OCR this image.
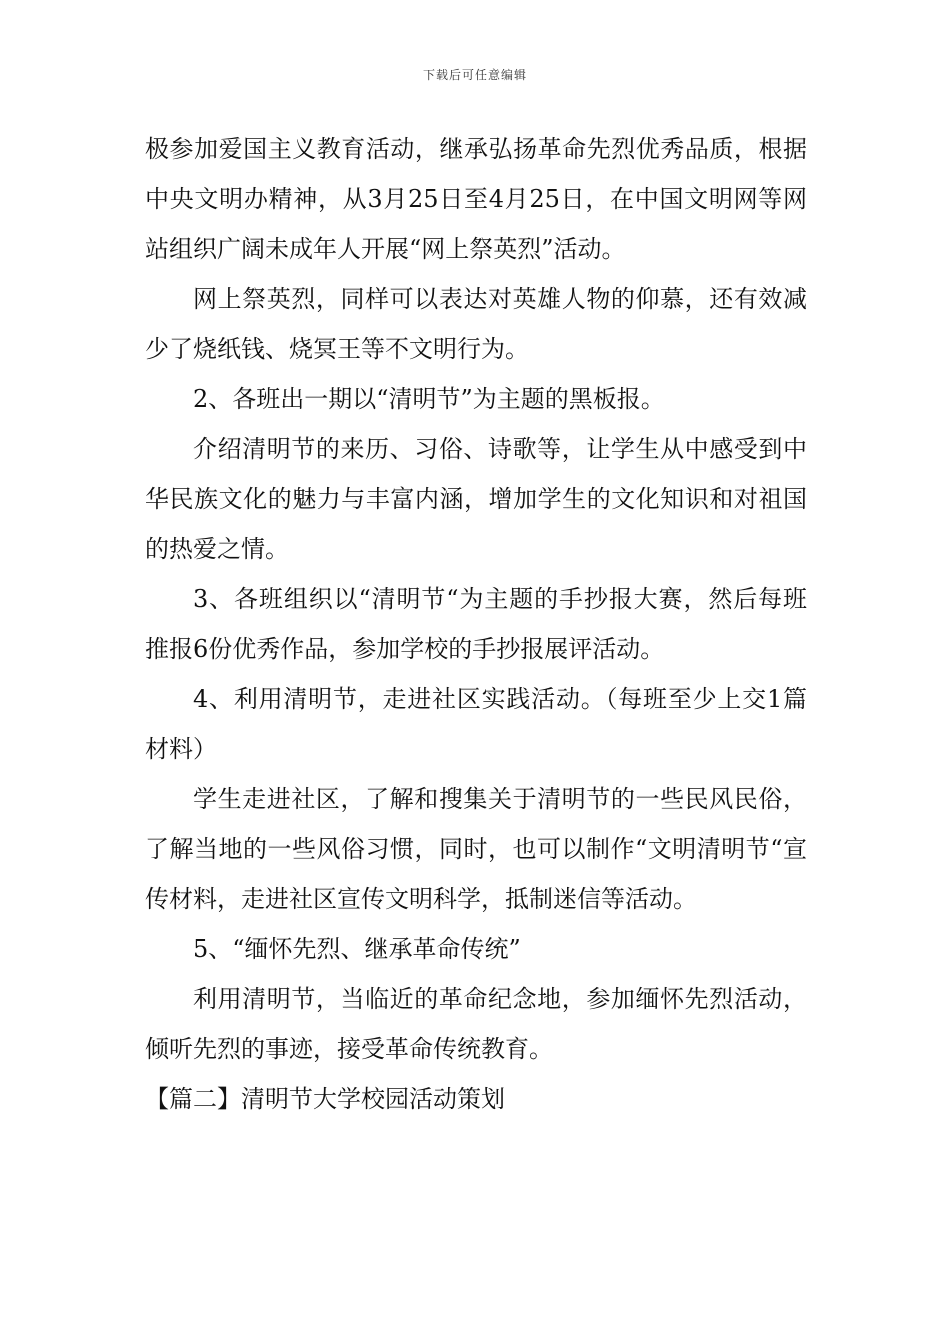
下载后可任意编辑

极参加爱国主义教育活动，继承弘扬革命先烈优秀品质，根据中央文明办精神，从3月25日至4月25日，在中国文明网等网站组织广阔未成年人开展“网上祭英烈”活动。

网上祭英烈，同样可以表达对英雄人物的仰慕，还有效减少了烧纸钱、烧冥王等不文明行为。

2、各班出一期以“清明节”为主题的黑板报。

介绍清明节的来历、习俗、诗歌等，让学生从中感受到中华民族文化的魅力与丰富内涵，增加学生的文化知识和对祖国的热爱之情。

3、各班组织以“清明节“为主题的手抄报大赛，然后每班推报6份优秀作品，参加学校的手抄报展评活动。

4、利用清明节，走进社区实践活动。（每班至少上交1篇材料）

学生走进社区，了解和搜集关于清明节的一些民风民俗，了解当地的一些风俗习惯，同时，也可以制作“文明清明节“宣传材料，走进社区宣传文明科学，抵制迷信等活动。

5、“缅怀先烈、继承革命传统”

利用清明节，当临近的革命纪念地，参加缅怀先烈活动，倾听先烈的事迹，接受革命传统教育。

【篇二】清明节大学校园活动策划
